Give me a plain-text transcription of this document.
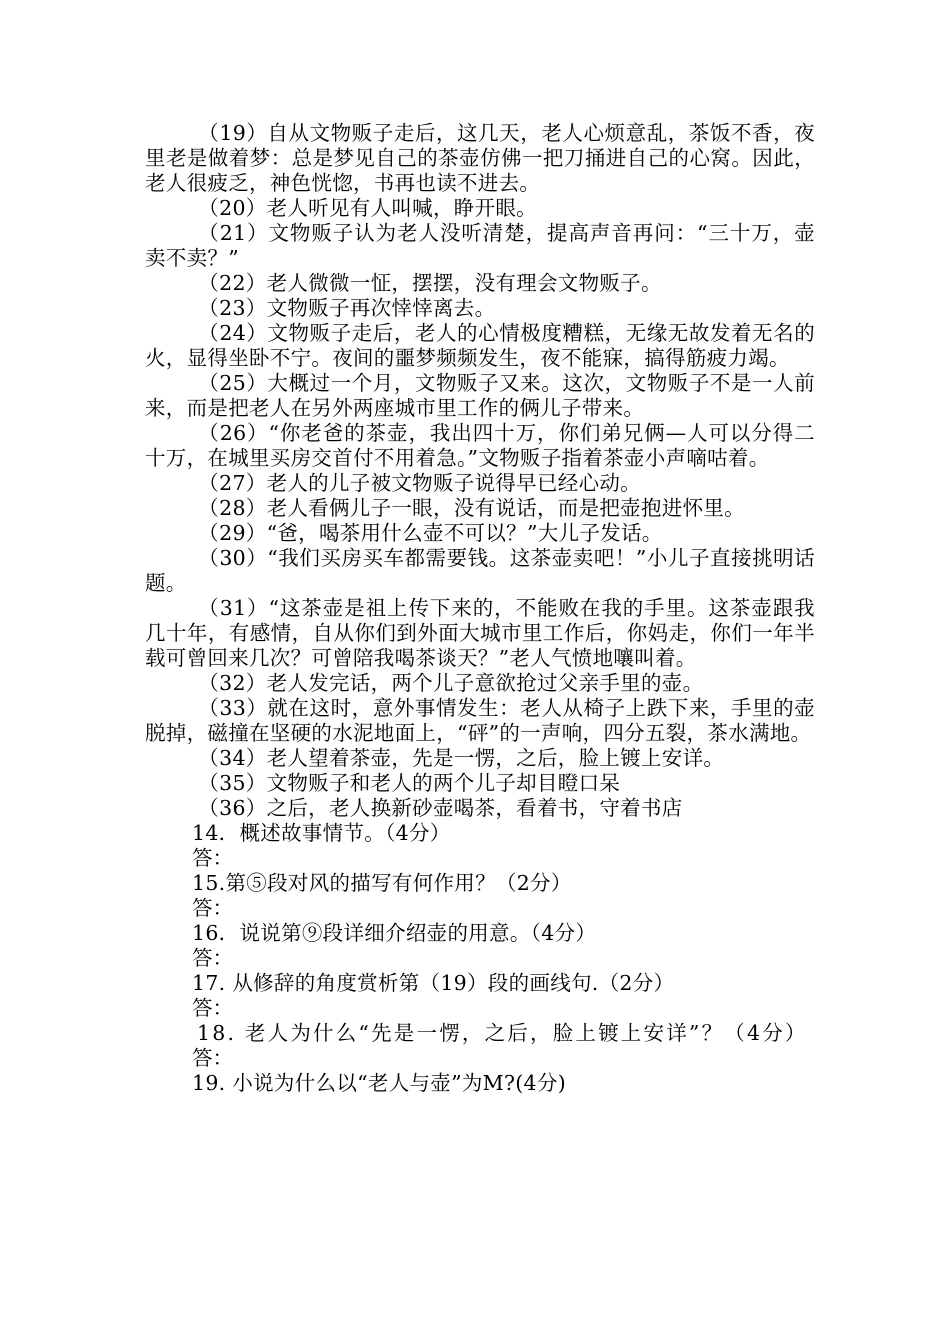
（19）自从文物贩子走后，这几天，老人心烦意乱，茶饭不香，夜里老是做着梦：总是梦见自己的茶壶仿佛一把刀捅进自己的心窝。因此，老人很疲乏，神色恍惚，书再也读不进去。

（20）老人听见有人叫喊，睁开眼。

（21）文物贩子认为老人没听清楚，提高声音再问：“三十万，壶卖不卖？”

（22）老人微微一怔，摆摆，没有理会文物贩子。

（23）文物贩子再次悻悻离去。

（24）文物贩子走后，老人的心情极度糟糕，无缘无故发着无名的火，显得坐卧不宁。夜间的噩梦频频发生，夜不能寐，搞得筋疲力竭。

（25）大概过一个月，文物贩子又来。这次，文物贩子不是一人前来，而是把老人在另外两座城市里工作的俩儿子带来。

（26）“你老爸的茶壶，我出四十万，你们弟兄俩—人可以分得二十万，在城里买房交首付不用着急。”文物贩子指着茶壶小声嘀咕着。

（27）老人的儿子被文物贩子说得早已经心动。

（28）老人看俩儿子一眼，没有说话，而是把壶抱进怀里。

（29）“爸，喝茶用什么壶不可以？”大儿子发话。

（30）“我们买房买车都需要钱。这茶壶卖吧！”小儿子直接挑明话题。

（31）“这茶壶是祖上传下来的，不能败在我的手里。这茶壶跟我几十年，有感情，自从你们到外面大城市里工作后，你妈走，你们一年半载可曾回来几次？可曾陪我喝茶谈天？”老人气愤地嚷叫着。

（32）老人发完话，两个儿子意欲抢过父亲手里的壶。

（33）就在这时，意外事情发生：老人从椅子上跌下来，手里的壶脱掉，磁撞在坚硬的水泥地面上，“砰”的一声响，四分五裂，茶水满地。

（34）老人望着茶壶，先是一愣，之后，脸上镀上安详。

（35）文物贩子和老人的两个儿子却目瞪口呆

（36）之后，老人换新砂壶喝茶，看着书，守着书店

14．概述故事情节。（4分）

答：

15.第⑤段对风的描写有何作用？（2分）

答：

16．说说第⑨段详细介绍壶的用意。（4分）

答：

17. 从修辞的角度赏析第（19）段的画线句.（2分）

答：

18. 老人为什么“先是一愣，之后，脸上镀上安详”？（4分）

答：

19. 小说为什么以“老人与壶”为M?(4分)
